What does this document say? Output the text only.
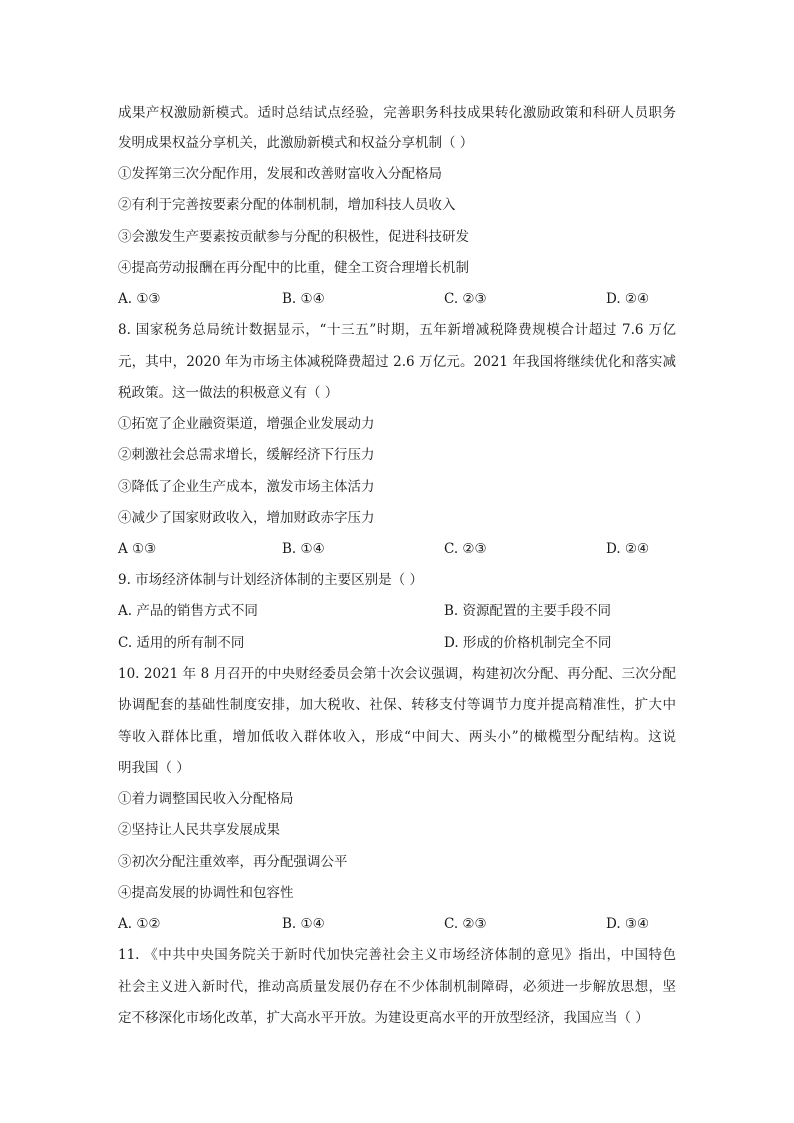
成果产权激励新模式。适时总结试点经验，完善职务科技成果转化激励政策和科研人员职务
发明成果权益分享机关，此激励新模式和权益分享机制（ ）
①发挥第三次分配作用，发展和改善财富收入分配格局
②有利于完善按要素分配的体制机制，增加科技人员收入
③会激发生产要素按贡献参与分配的积极性，促进科技研发
④提高劳动报酬在再分配中的比重，健全工资合理增长机制
A. ①③	B. ①④	C. ②③	D. ②④
8. 国家税务总局统计数据显示，“十三五”时期，五年新增减税降费规模合计超过 7.6 万亿
元，其中，2020 年为市场主体减税降费超过 2.6 万亿元。2021 年我国将继续优化和落实减
税政策。这一做法的积极意义有（ ）
①拓宽了企业融资渠道，增强企业发展动力
②刺激社会总需求增长，缓解经济下行压力
③降低了企业生产成本，激发市场主体活力
④减少了国家财政收入，增加财政赤字压力
A ①③	B. ①④	C. ②③	D. ②④
9. 市场经济体制与计划经济体制的主要区别是（ ）
A. 产品的销售方式不同	B. 资源配置的主要手段不同
C. 适用的所有制不同	D. 形成的价格机制完全不同
10. 2021 年 8 月召开的中央财经委员会第十次会议强调，构建初次分配、再分配、三次分配
协调配套的基础性制度安排，加大税收、社保、转移支付等调节力度并提高精准性，扩大中
等收入群体比重，增加低收入群体收入，形成“中间大、两头小”的橄榄型分配结构。这说
明我国（ ）
①着力调整国民收入分配格局
②坚持让人民共享发展成果
③初次分配注重效率，再分配强调公平
④提高发展的协调性和包容性
A. ①②	B. ①④	C. ②③	D. ③④
11. 《中共中央国务院关于新时代加快完善社会主义市场经济体制的意见》指出，中国特色
社会主义进入新时代，推动高质量发展仍存在不少体制机制障碍，必须进一步解放思想，坚
定不移深化市场化改革，扩大高水平开放。为建设更高水平的开放型经济，我国应当（ ）
